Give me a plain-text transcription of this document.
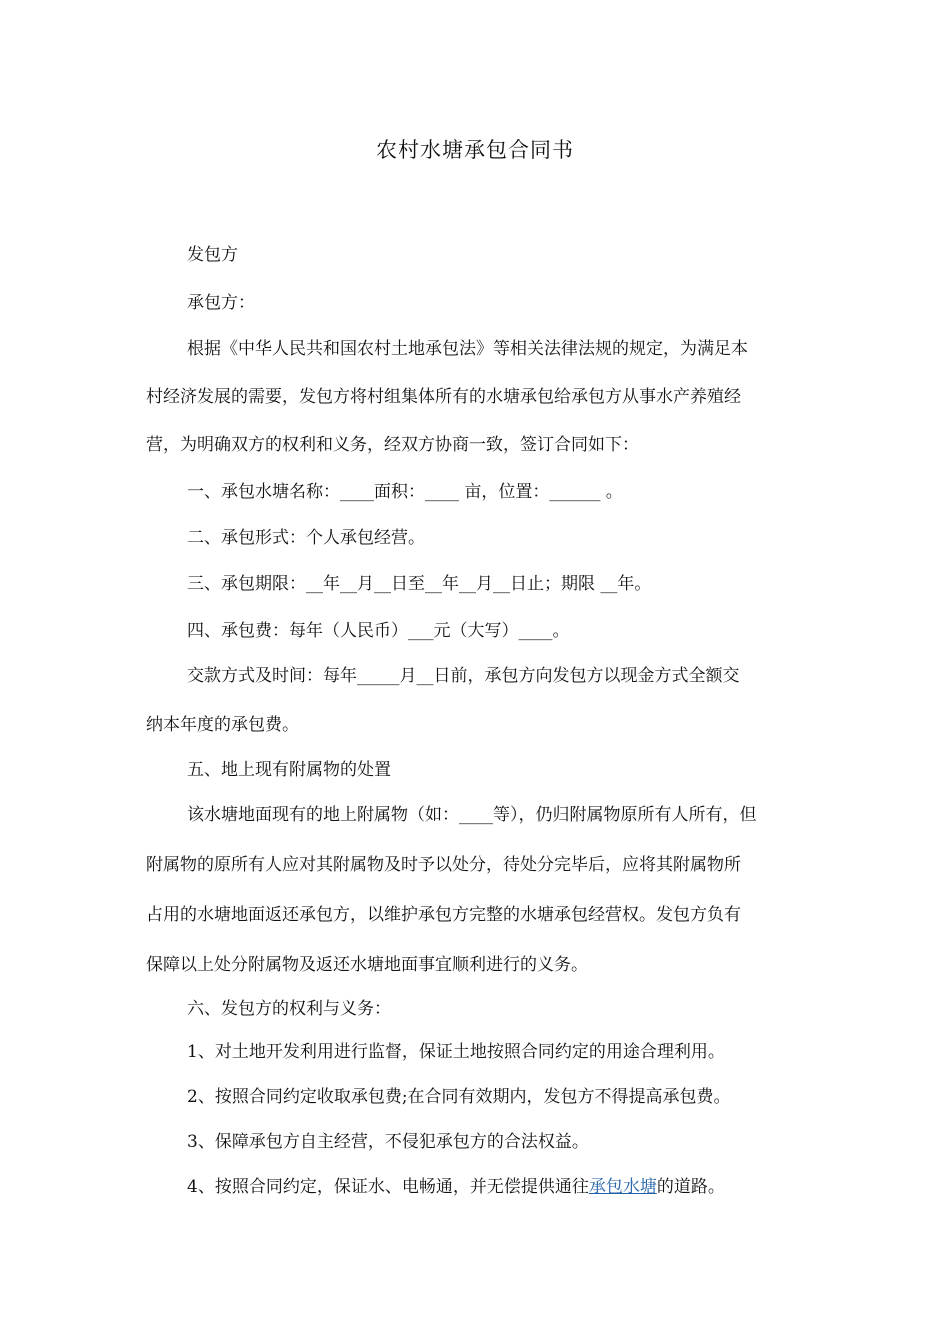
农村水塘承包合同书
发包方
承包方：
根据《中华人民共和国农村土地承包法》等相关法律法规的规定，为满足本
村经济发展的需要，发包方将村组集体所有的水塘承包给承包方从事水产养殖经
营，为明确双方的权利和义务，经双方协商一致，签订合同如下：
一、承包水塘名称：____面积：____ 亩，位置：______ 。
二、承包形式：个人承包经营。
三、承包期限：__年__月__日至__年__月__日止；期限 __年。
四、承包费：每年（人民币）___元（大写）____。
交款方式及时间：每年_____月__日前，承包方向发包方以现金方式全额交
纳本年度的承包费。
五、地上现有附属物的处置
该水塘地面现有的地上附属物（如：____等），仍归附属物原所有人所有，但
附属物的原所有人应对其附属物及时予以处分，待处分完毕后，应将其附属物所
占用的水塘地面返还承包方，以维护承包方完整的水塘承包经营权。发包方负有
保障以上处分附属物及返还水塘地面事宜顺利进行的义务。
六、发包方的权利与义务：
1、对土地开发利用进行监督，保证土地按照合同约定的用途合理利用。
2、按照合同约定收取承包费;在合同有效期内，发包方不得提高承包费。
3、保障承包方自主经营，不侵犯承包方的合法权益。
4、按照合同约定，保证水、电畅通，并无偿提供通往承包水塘的道路。
